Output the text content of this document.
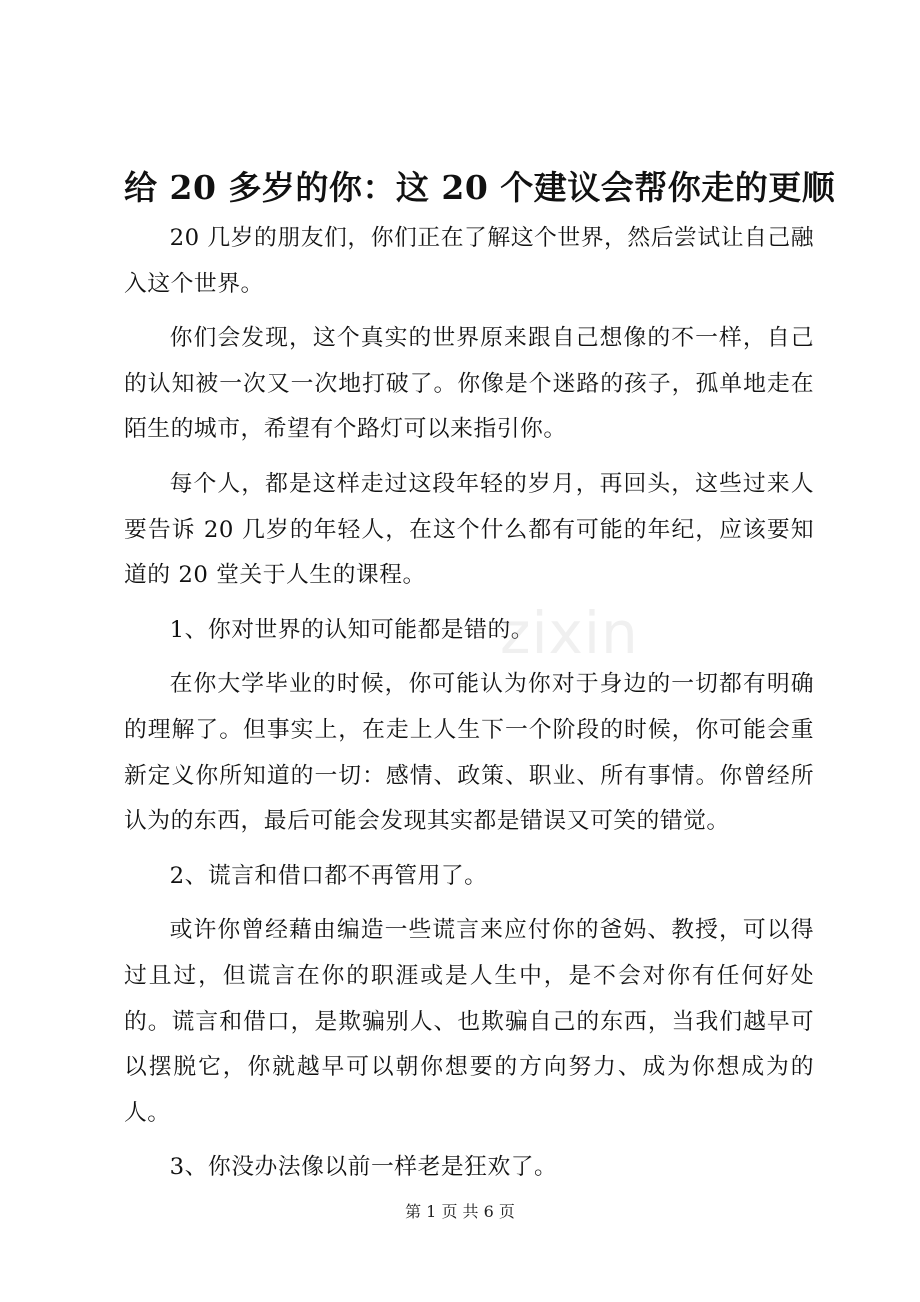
给 20 多岁的你：这 20 个建议会帮你走的更顺

20 几岁的朋友们，你们正在了解这个世界，然后尝试让自己融入这个世界。

你们会发现，这个真实的世界原来跟自己想像的不一样，自己的认知被一次又一次地打破了。你像是个迷路的孩子，孤单地走在陌生的城市，希望有个路灯可以来指引你。

每个人，都是这样走过这段年轻的岁月，再回头，这些过来人要告诉 20 几岁的年轻人，在这个什么都有可能的年纪，应该要知道的 20 堂关于人生的课程。

1、你对世界的认知可能都是错的。

在你大学毕业的时候，你可能认为你对于身边的一切都有明确的理解了。但事实上，在走上人生下一个阶段的时候，你可能会重新定义你所知道的一切：感情、政策、职业、所有事情。你曾经所认为的东西，最后可能会发现其实都是错误又可笑的错觉。

2、谎言和借口都不再管用了。

或许你曾经藉由编造一些谎言来应付你的爸妈、教授，可以得过且过，但谎言在你的职涯或是人生中，是不会对你有任何好处的。谎言和借口，是欺骗别人、也欺骗自己的东西，当我们越早可以摆脱它，你就越早可以朝你想要的方向努力、成为你想成为的人。

3、你没办法像以前一样老是狂欢了。

zixin
第 1 页 共 6 页
